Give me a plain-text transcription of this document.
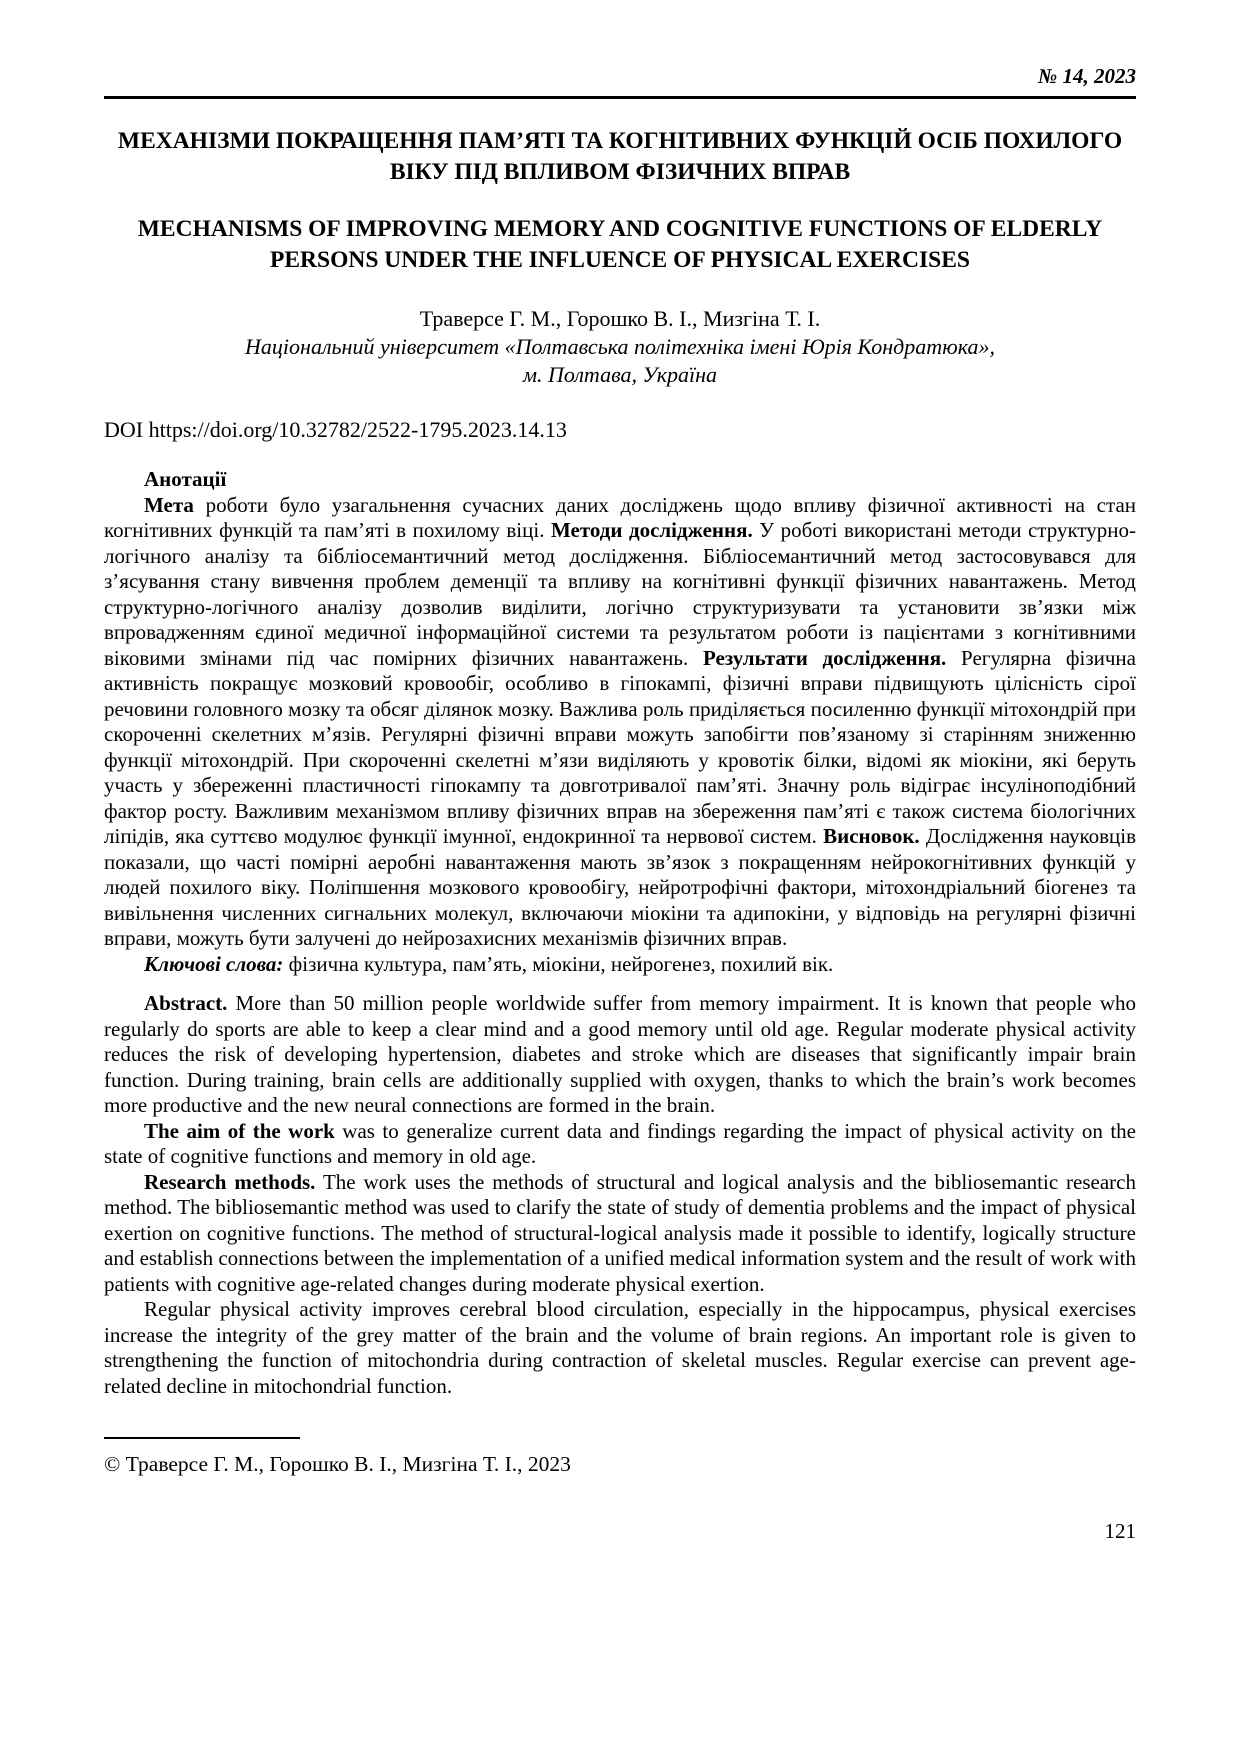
№ 14, 2023
МЕХАНІЗМИ ПОКРАЩЕННЯ ПАМ’ЯТІ ТА КОГНІТИВНИХ ФУНКЦІЙ ОСІБ ПОХИЛОГО ВІКУ ПІД ВПЛИВОМ ФІЗИЧНИХ ВПРАВ
MECHANISMS OF IMPROVING MEMORY AND COGNITIVE FUNCTIONS OF ELDERLY PERSONS UNDER THE INFLUENCE OF PHYSICAL EXERCISES
Траверсе Г. М., Горошко В. І., Мизгіна Т. І.
Національний університет «Полтавська політехніка імені Юрія Кондратюка»,
м. Полтава, Україна
DOI https://doi.org/10.32782/2522-1795.2023.14.13

Анотації

Мета роботи було узагальнення сучасних даних досліджень щодо впливу фізичної активності на стан когнітивних функцій та пам’яті в похилому віці. Методи дослідження. У роботі використані методи структурно-логічного аналізу та бібліосемантичний метод дослідження. Бібліосемантичний метод застосовувався для з’ясування стану вивчення проблем деменції та впливу на когнітивні функції фізичних навантажень. Метод структурно-логічного аналізу дозволив виділити, логічно структуризувати та установити зв’язки між впровадженням єдиної медичної інформаційної системи та результатом роботи із пацієнтами з когнітивними віковими змінами під час помірних фізичних навантажень. Результати дослідження. Регулярна фізична активність покращує мозковий кровообіг, особливо в гіпокампі, фізичні вправи підвищують цілісність сірої речовини головного мозку та обсяг ділянок мозку. Важлива роль приділяється посиленню функції мітохондрій при скороченні скелетних м’язів. Регулярні фізичні вправи можуть запобігти пов’язаному зі старінням зниженню функції мітохондрій. При скороченні скелетні м’язи виділяють у кровотік білки, відомі як міокіни, які беруть участь у збереженні пластичності гіпокампу та довготривалої пам’яті. Значну роль відіграє інсуліноподібний фактор росту. Важливим механізмом впливу фізичних вправ на збереження пам’яті є також система біологічних ліпідів, яка суттєво модулює функції імунної, ендокринної та нервової систем. Висновок. Дослідження науковців показали, що часті помірні аеробні навантаження мають зв’язок з покращенням нейрокогнітивних функцій у людей похилого віку. Поліпшення мозкового кровообігу, нейротрофічні фактори, мітохондріальний біогенез та вивільнення численних сигнальних молекул, включаючи міокіни та адипокіни, у відповідь на регулярні фізичні вправи, можуть бути залучені до нейрозахисних механізмів фізичних вправ.

Ключові слова: фізична культура, пам’ять, міокіни, нейрогенез, похилий вік.

Abstract. More than 50 million people worldwide suffer from memory impairment. It is known that people who regularly do sports are able to keep a clear mind and a good memory until old age. Regular moderate physical activity reduces the risk of developing hypertension, diabetes and stroke which are diseases that significantly impair brain function. During training, brain cells are additionally supplied with oxygen, thanks to which the brain’s work becomes more productive and the new neural connections are formed in the brain.

The aim of the work was to generalize current data and findings regarding the impact of physical activity on the state of cognitive functions and memory in old age.

Research methods. The work uses the methods of structural and logical analysis and the bibliosemantic research method. The bibliosemantic method was used to clarify the state of study of dementia problems and the impact of physical exertion on cognitive functions. The method of structural-logical analysis made it possible to identify, logically structure and establish connections between the implementation of a unified medical information system and the result of work with patients with cognitive age-related changes during moderate physical exertion.

Regular physical activity improves cerebral blood circulation, especially in the hippocampus, physical exercises increase the integrity of the grey matter of the brain and the volume of brain regions. An important role is given to strengthening the function of mitochondria during contraction of skeletal muscles. Regular exercise can prevent age-related decline in mitochondrial function.

© Траверсе Г. М., Горошко В. І., Мизгіна Т. І., 2023
121
